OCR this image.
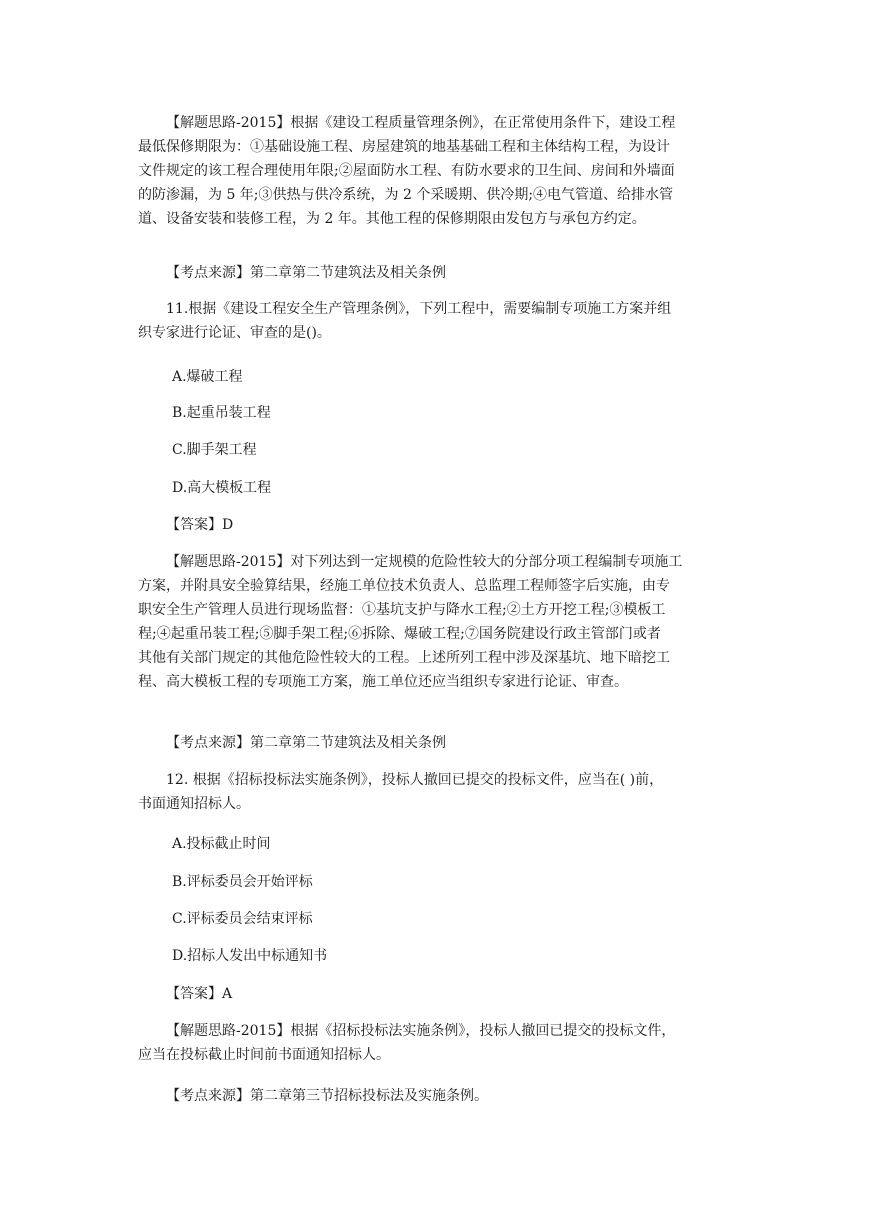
【解题思路-2015】根据《建设工程质量管理条例》，在正常使用条件下，建设工程
最低保修期限为：①基础设施工程、房屋建筑的地基基础工程和主体结构工程，为设计
文件规定的该工程合理使用年限;②屋面防水工程、有防水要求的卫生间、房间和外墙面
的防渗漏，为 5 年;③供热与供冷系统，为 2 个采暖期、供冷期;④电气管道、给排水管
道、设备安装和装修工程，为 2 年。其他工程的保修期限由发包方与承包方约定。

【考点来源】第二章第二节建筑法及相关条例

11.根据《建设工程安全生产管理条例》，下列工程中，需要编制专项施工方案并组
织专家进行论证、审查的是()。

A.爆破工程

B.起重吊装工程

C.脚手架工程

D.高大模板工程

【答案】D

【解题思路-2015】对下列达到一定规模的危险性较大的分部分项工程编制专项施工
方案，并附具安全验算结果，经施工单位技术负责人、总监理工程师签字后实施，由专
职安全生产管理人员进行现场监督：①基坑支护与降水工程;②土方开挖工程;③模板工
程;④起重吊装工程;⑤脚手架工程;⑥拆除、爆破工程;⑦国务院建设行政主管部门或者
其他有关部门规定的其他危险性较大的工程。上述所列工程中涉及深基坑、地下暗挖工
程、高大模板工程的专项施工方案，施工单位还应当组织专家进行论证、审查。

【考点来源】第二章第二节建筑法及相关条例

12. 根据《招标投标法实施条例》，投标人撤回已提交的投标文件，应当在( )前，
书面通知招标人。

A.投标截止时间

B.评标委员会开始评标

C.评标委员会结束评标

D.招标人发出中标通知书

【答案】A

【解题思路-2015】根据《招标投标法实施条例》，投标人撤回已提交的投标文件，
应当在投标截止时间前书面通知招标人。

【考点来源】第二章第三节招标投标法及实施条例。
